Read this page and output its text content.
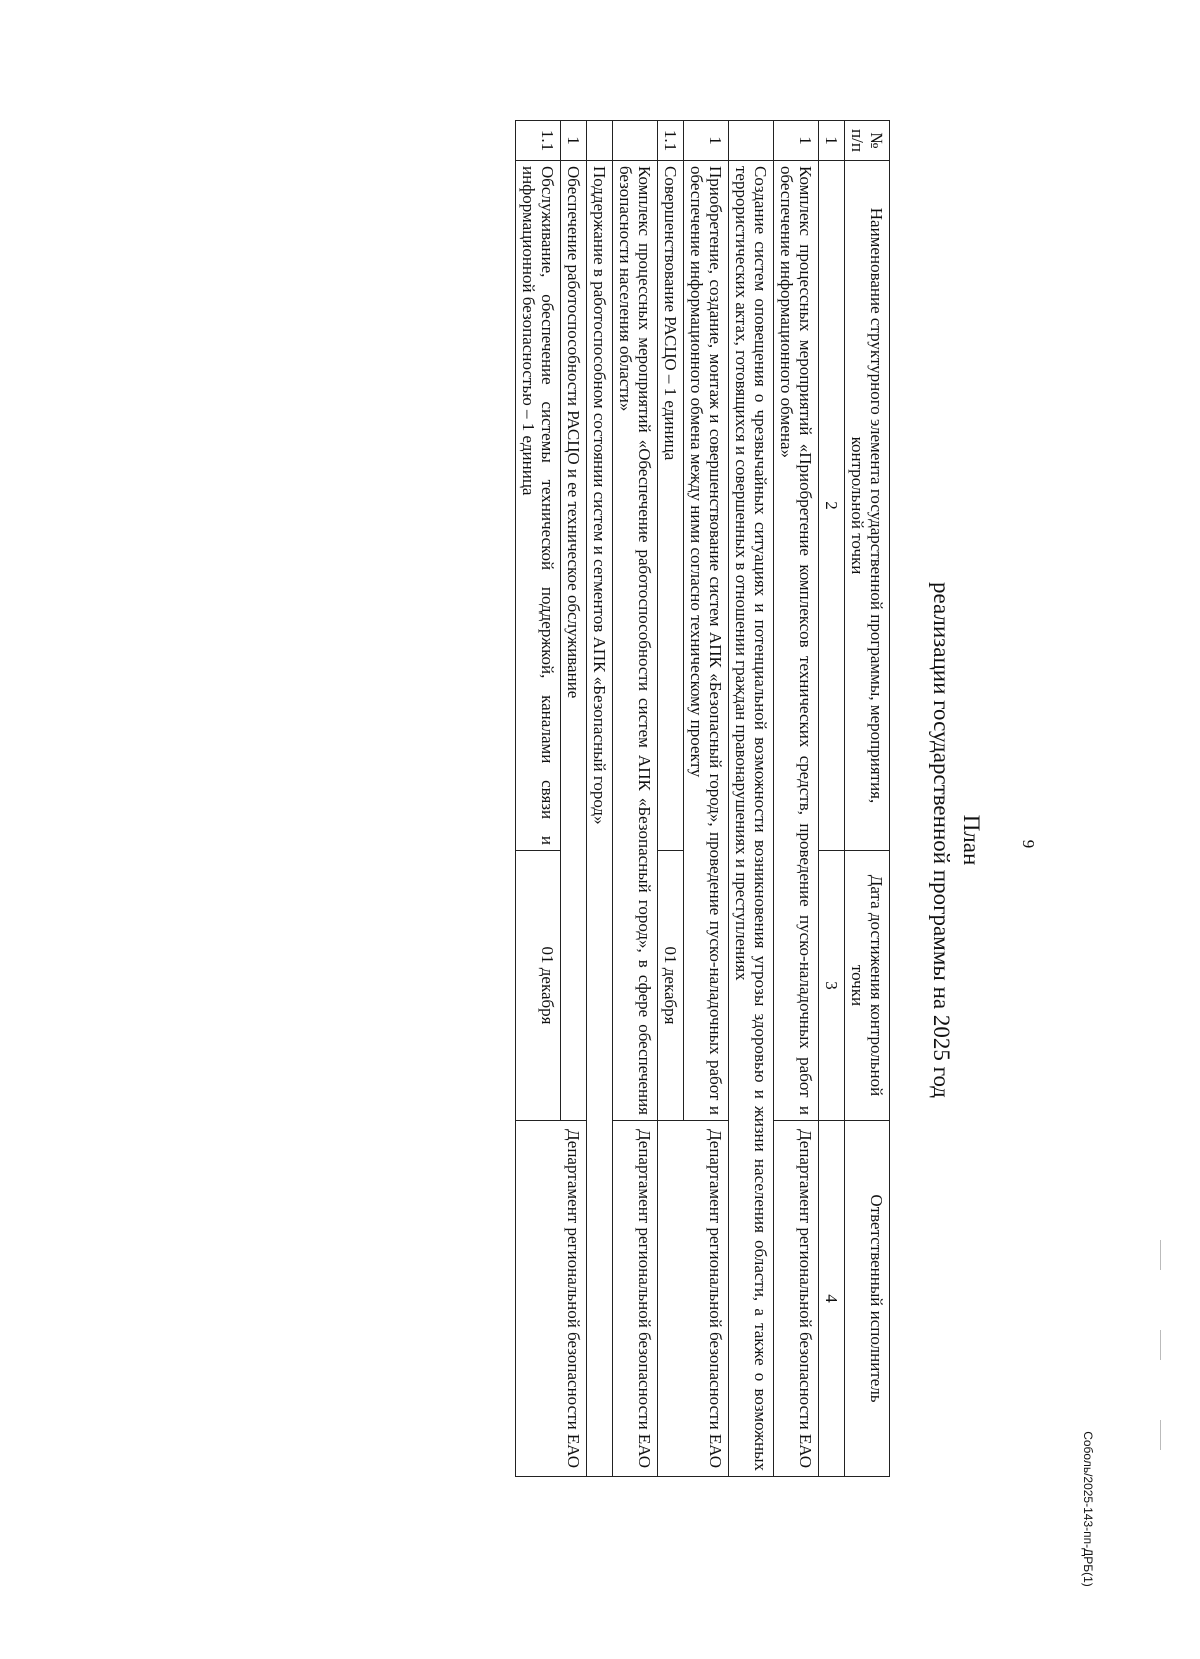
9
План
реализации государственной программы на 2025 год
Соболь/2025-143-пп-ДРБ(1)
№ п/п	Наименование структурного элемента государственной программы, мероприятия, контрольной точки	Дата достижения контрольной точки	Ответственный исполнитель
1	2	3	4
1	Комплекс процессных мероприятий «Приобретение комплексов технических средств, проведение пуско-наладочных работ и обеспечение информационного обмена»		Департамент региональной безопасности ЕАО
	Создание систем оповещения о чрезвычайных ситуациях и потенциальной возможности возникновения угрозы здоровью и жизни населения области, а также о возможных террористических актах, готовящихся и совершенных в отношении граждан правонарушениях и преступлениях		
1	Приобретение, создание, монтаж и совершенствование систем АПК «Безопасный город», проведение пуско-наладочных работ и обеспечение информационного обмена между ними согласно техническому проекту		Департамент региональной безопасности ЕАО
1.1	Совершенствование РАСЦО – 1 единица	01 декабря	
	Комплекс процессных мероприятий «Обеспечение работоспособности систем АПК «Безопасный город», в сфере обеспечения безопасности населения области»		Департамент региональной безопасности ЕАО
	Поддержание в работоспособном состоянии систем и сегментов АПК «Безопасный город»		
1	Обеспечение работоспособности РАСЦО и ее техническое обслуживание		Департамент региональной безопасности ЕАО
1.1	Обслуживание, обеспечение системы технической поддержкой, каналами связи и информационной безопасностью – 1 единица	01 декабря	
